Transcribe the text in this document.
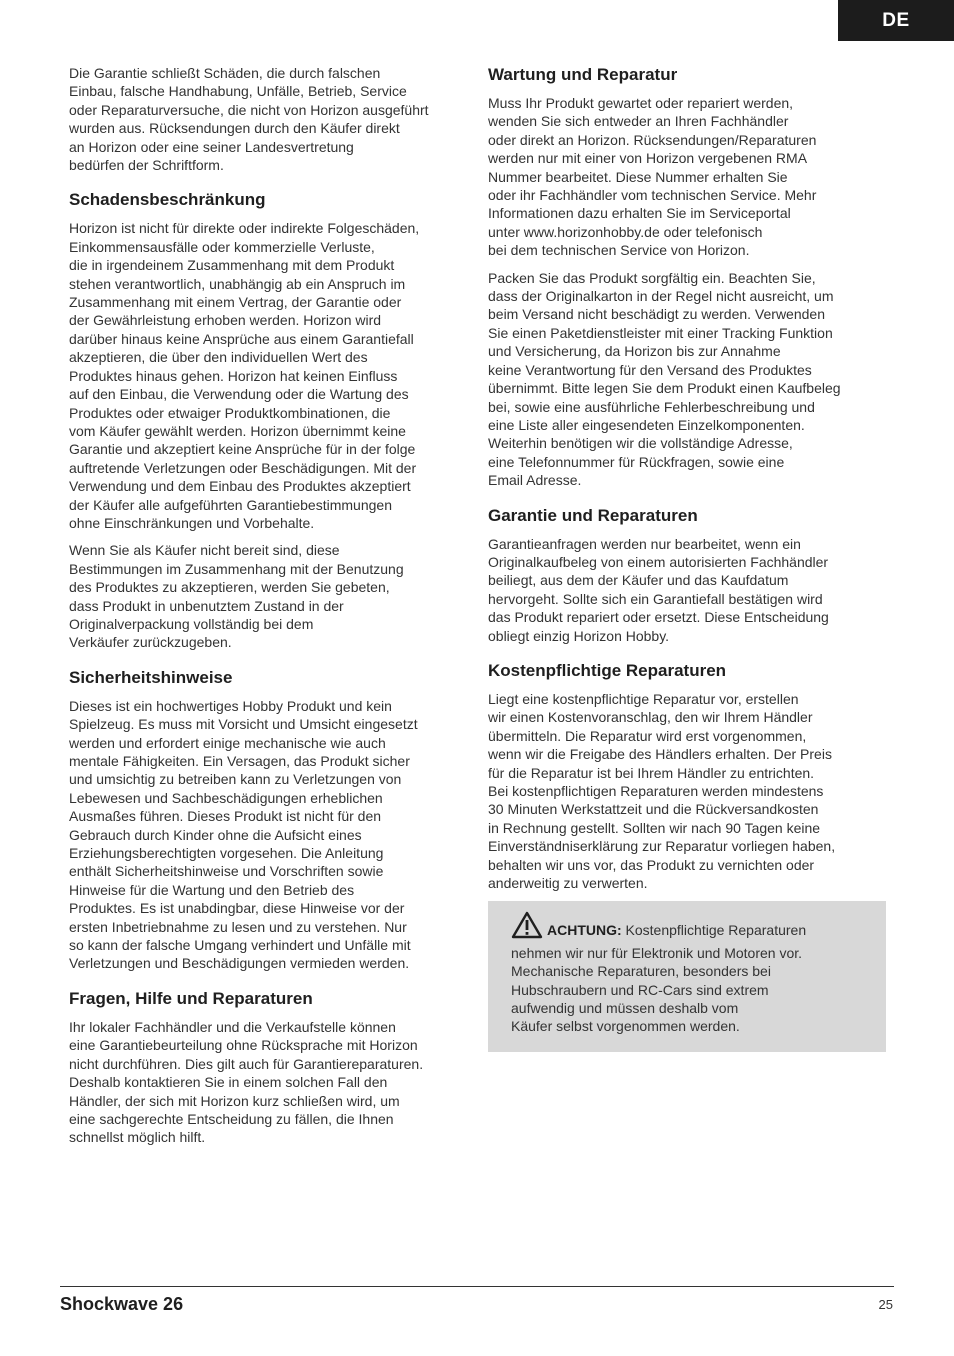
DE

Die Garantie schließt Schäden, die durch falschen
Einbau, falsche Handhabung, Unfälle, Betrieb, Service
oder Reparaturversuche, die nicht von Horizon ausgeführt
wurden aus. Rücksendungen durch den Käufer direkt
an Horizon oder eine seiner Landesvertretung
bedürfen der Schriftform.

Schadensbeschränkung

Horizon ist nicht für direkte oder indirekte Folgeschäden,
Einkommensausfälle oder kommerzielle Verluste,
die in irgendeinem Zusammenhang mit dem Produkt
stehen verantwortlich, unabhängig ab ein Anspruch im
Zusammenhang mit einem Vertrag, der Garantie oder
der Gewährleistung erhoben werden. Horizon wird
darüber hinaus keine Ansprüche aus einem Garantiefall
akzeptieren, die über den individuellen Wert des
Produktes hinaus gehen. Horizon hat keinen Einfluss
auf den Einbau, die Verwendung oder die Wartung des
Produktes oder etwaiger Produktkombinationen, die
vom Käufer gewählt werden. Horizon übernimmt keine
Garantie und akzeptiert keine Ansprüche für in der folge
auftretende Verletzungen oder Beschädigungen. Mit der
Verwendung und dem Einbau des Produktes akzeptiert
der Käufer alle aufgeführten Garantiebestimmungen
ohne Einschränkungen und Vorbehalte.

Wenn Sie als Käufer nicht bereit sind, diese
Bestimmungen im Zusammenhang mit der Benutzung
des Produktes zu akzeptieren, werden Sie gebeten,
dass Produkt in unbenutztem Zustand in der
Originalverpackung vollständig bei dem
Verkäufer zurückzugeben.

Sicherheitshinweise

Dieses ist ein hochwertiges Hobby Produkt und kein
Spielzeug. Es muss mit Vorsicht und Umsicht eingesetzt
werden und erfordert einige mechanische wie auch
mentale Fähigkeiten. Ein Versagen, das Produkt sicher
und umsichtig zu betreiben kann zu Verletzungen von
Lebewesen und Sachbeschädigungen erheblichen
Ausmaßes führen. Dieses Produkt ist nicht für den
Gebrauch durch Kinder ohne die Aufsicht eines
Erziehungsberechtigten vorgesehen. Die Anleitung
enthält Sicherheitshinweise und Vorschriften sowie
Hinweise für die Wartung und den Betrieb des
Produktes. Es ist unabdingbar, diese Hinweise vor der
ersten Inbetriebnahme zu lesen und zu verstehen. Nur
so kann der falsche Umgang verhindert und Unfälle mit
Verletzungen und Beschädigungen vermieden werden.

Fragen, Hilfe und Reparaturen

Ihr lokaler Fachhändler und die Verkaufstelle können
eine Garantiebeurteilung ohne Rücksprache mit Horizon
nicht durchführen. Dies gilt auch für Garantiereparaturen.
Deshalb kontaktieren Sie in einem solchen Fall den
Händler, der sich mit Horizon kurz schließen wird, um
eine sachgerechte Entscheidung zu fällen, die Ihnen
schnellst möglich hilft.

Wartung und Reparatur

Muss Ihr Produkt gewartet oder repariert werden,
wenden Sie sich entweder an Ihren Fachhändler
oder direkt an Horizon. Rücksendungen/Reparaturen
werden nur mit einer von Horizon vergebenen RMA
Nummer bearbeitet. Diese Nummer erhalten Sie
oder ihr Fachhändler vom technischen Service. Mehr
Informationen dazu erhalten Sie im Serviceportal
unter www.horizonhobby.de oder telefonisch
bei dem technischen Service von Horizon.

Packen Sie das Produkt sorgfältig ein. Beachten Sie,
dass der Originalkarton in der Regel nicht ausreicht, um
beim Versand nicht beschädigt zu werden. Verwenden
Sie einen Paketdienstleister mit einer Tracking Funktion
und Versicherung, da Horizon bis zur Annahme
keine Verantwortung für den Versand des Produktes
übernimmt. Bitte legen Sie dem Produkt einen Kaufbeleg
bei, sowie eine ausführliche Fehlerbeschreibung und
eine Liste aller eingesendeten Einzelkomponenten.
Weiterhin benötigen wir die vollständige Adresse,
eine Telefonnummer für Rückfragen, sowie eine
Email Adresse.

Garantie und Reparaturen

Garantieanfragen werden nur bearbeitet, wenn ein
Originalkaufbeleg von einem autorisierten Fachhändler
beiliegt, aus dem der Käufer und das Kaufdatum
hervorgeht. Sollte sich ein Garantiefall bestätigen wird
das Produkt repariert oder ersetzt. Diese Entscheidung
obliegt einzig Horizon Hobby.

Kostenpflichtige Reparaturen

Liegt eine kostenpflichtige Reparatur vor, erstellen
wir einen Kostenvoranschlag, den wir Ihrem Händler
übermitteln. Die Reparatur wird erst vorgenommen,
wenn wir die Freigabe des Händlers erhalten. Der Preis
für die Reparatur ist bei Ihrem Händler zu entrichten.
Bei kostenpflichtigen Reparaturen werden mindestens
30 Minuten Werkstattzeit und die Rückversandkosten
in Rechnung gestellt. Sollten wir nach 90 Tagen keine
Einverständniserklärung zur Reparatur vorliegen haben,
behalten wir uns vor, das Produkt zu vernichten oder
anderweitig zu verwerten.

ACHTUNG: Kostenpflichtige Reparaturen
nehmen wir nur für Elektronik und Motoren vor.
Mechanische Reparaturen, besonders bei
Hubschraubern und RC-Cars sind extrem
aufwendig und müssen deshalb vom
Käufer selbst vorgenommen werden.
Shockwave 26	25
